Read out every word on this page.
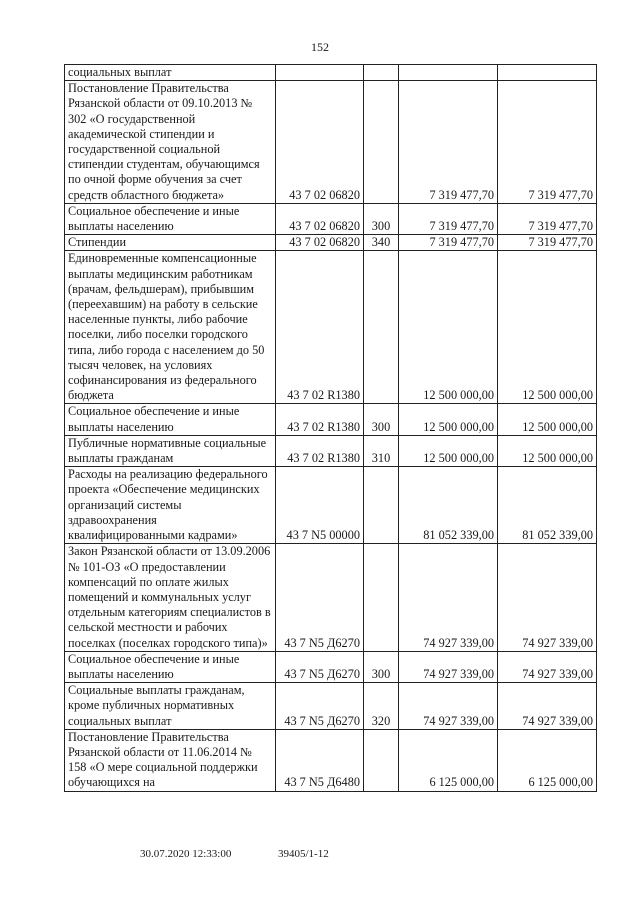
152
социальных выплат				
Постановление Правительства Рязанской области от 09.10.2013 № 302 «О государственной академической стипендии и государственной социальной стипендии студентам, обучающимся по очной форме обучения за счет средств областного бюджета»	43 7 02 06820		7 319 477,70	7 319 477,70
Социальное обеспечение и иные выплаты населению	43 7 02 06820	300	7 319 477,70	7 319 477,70
Стипендии	43 7 02 06820	340	7 319 477,70	7 319 477,70
Единовременные компенсационные выплаты медицинским работникам (врачам, фельдшерам), прибывшим (переехавшим) на работу в сельские населенные пункты, либо рабочие поселки, либо поселки городского типа, либо города с населением до 50 тысяч человек, на условиях софинансирования из федерального бюджета	43 7 02 R1380		12 500 000,00	12 500 000,00
Социальное обеспечение и иные выплаты населению	43 7 02 R1380	300	12 500 000,00	12 500 000,00
Публичные нормативные социальные выплаты гражданам	43 7 02 R1380	310	12 500 000,00	12 500 000,00
Расходы на реализацию федерального проекта «Обеспечение медицинских организаций системы здравоохранения квалифицированными кадрами»	43 7 N5 00000		81 052 339,00	81 052 339,00
Закон Рязанской области от 13.09.2006 № 101-ОЗ «О предоставлении компенсаций по оплате жилых помещений и коммунальных услуг отдельным категориям специалистов в сельской местности и рабочих поселках (поселках городского типа)»	43 7 N5 Д6270		74 927 339,00	74 927 339,00
Социальное обеспечение и иные выплаты населению	43 7 N5 Д6270	300	74 927 339,00	74 927 339,00
Социальные выплаты гражданам, кроме публичных нормативных социальных выплат	43 7 N5 Д6270	320	74 927 339,00	74 927 339,00
Постановление Правительства Рязанской области от 11.06.2014 № 158 «О мере социальной поддержки обучающихся на	43 7 N5 Д6480		6 125 000,00	6 125 000,00
30.07.2020 12:33:00	39405/1-12
